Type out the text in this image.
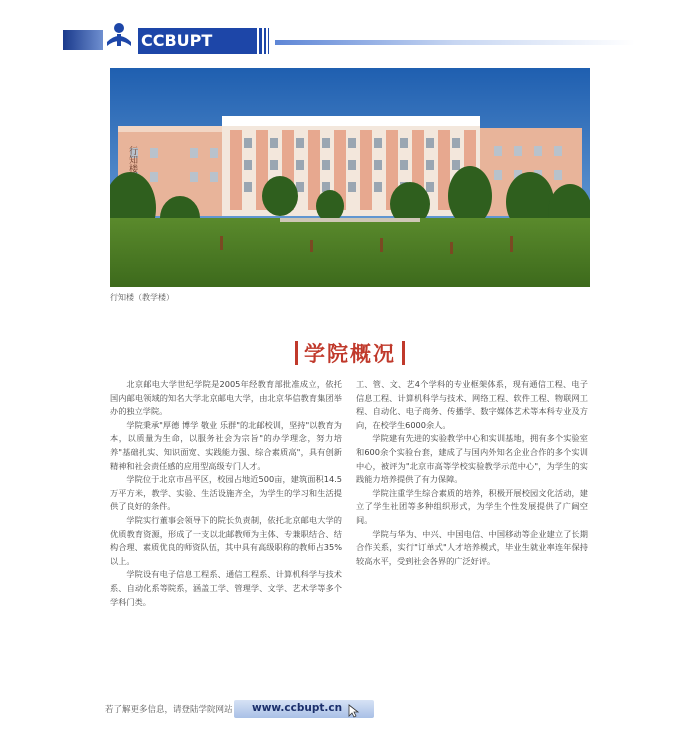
CCBUPT
行知楼
行知楼（教学楼）
学院概况

北京邮电大学世纪学院是2005年经教育部批准成立，依托国内邮电领域的知名大学北京邮电大学，由北京华信教育集团举办的独立学院。

学院秉承"厚德 博学 敬业 乐群"的北邮校训，坚持"以教育为本，以质量为生命，以服务社会为宗旨"的办学理念，努力培养"基础扎实、知识面宽、实践能力强、综合素质高"，具有创新精神和社会责任感的应用型高级专门人才。

学院位于北京市昌平区，校园占地近500亩，建筑面积14.5万平方米，教学、实验、生活设施齐全，为学生的学习和生活提供了良好的条件。

学院实行董事会领导下的院长负责制，依托北京邮电大学的优质教育资源，形成了一支以北邮教师为主体、专兼职结合、结构合理、素质优良的师资队伍，其中具有高级职称的教师占35%以上。

学院设有电子信息工程系、通信工程系、计算机科学与技术系、自动化系等院系，涵盖工学、管理学、文学、艺术学等多个学科门类。

工、管、文、艺4个学科的专业框架体系，现有通信工程、电子信息工程、计算机科学与技术、网络工程、软件工程、物联网工程、自动化、电子商务、传播学、数字媒体艺术等本科专业及方向，在校学生6000余人。

学院建有先进的实验教学中心和实训基地，拥有多个实验室和600余个实验台套，建成了与国内外知名企业合作的多个实训中心，被评为"北京市高等学校实验教学示范中心"，为学生的实践能力培养提供了有力保障。

学院注重学生综合素质的培养，积极开展校园文化活动，建立了学生社团等多种组织形式，为学生个性发展提供了广阔空间。

学院与华为、中兴、中国电信、中国移动等企业建立了长期合作关系，实行"订单式"人才培养模式，毕业生就业率连年保持较高水平，受到社会各界的广泛好评。

若了解更多信息，请登陆学院网站 www.ccbupt.cn
